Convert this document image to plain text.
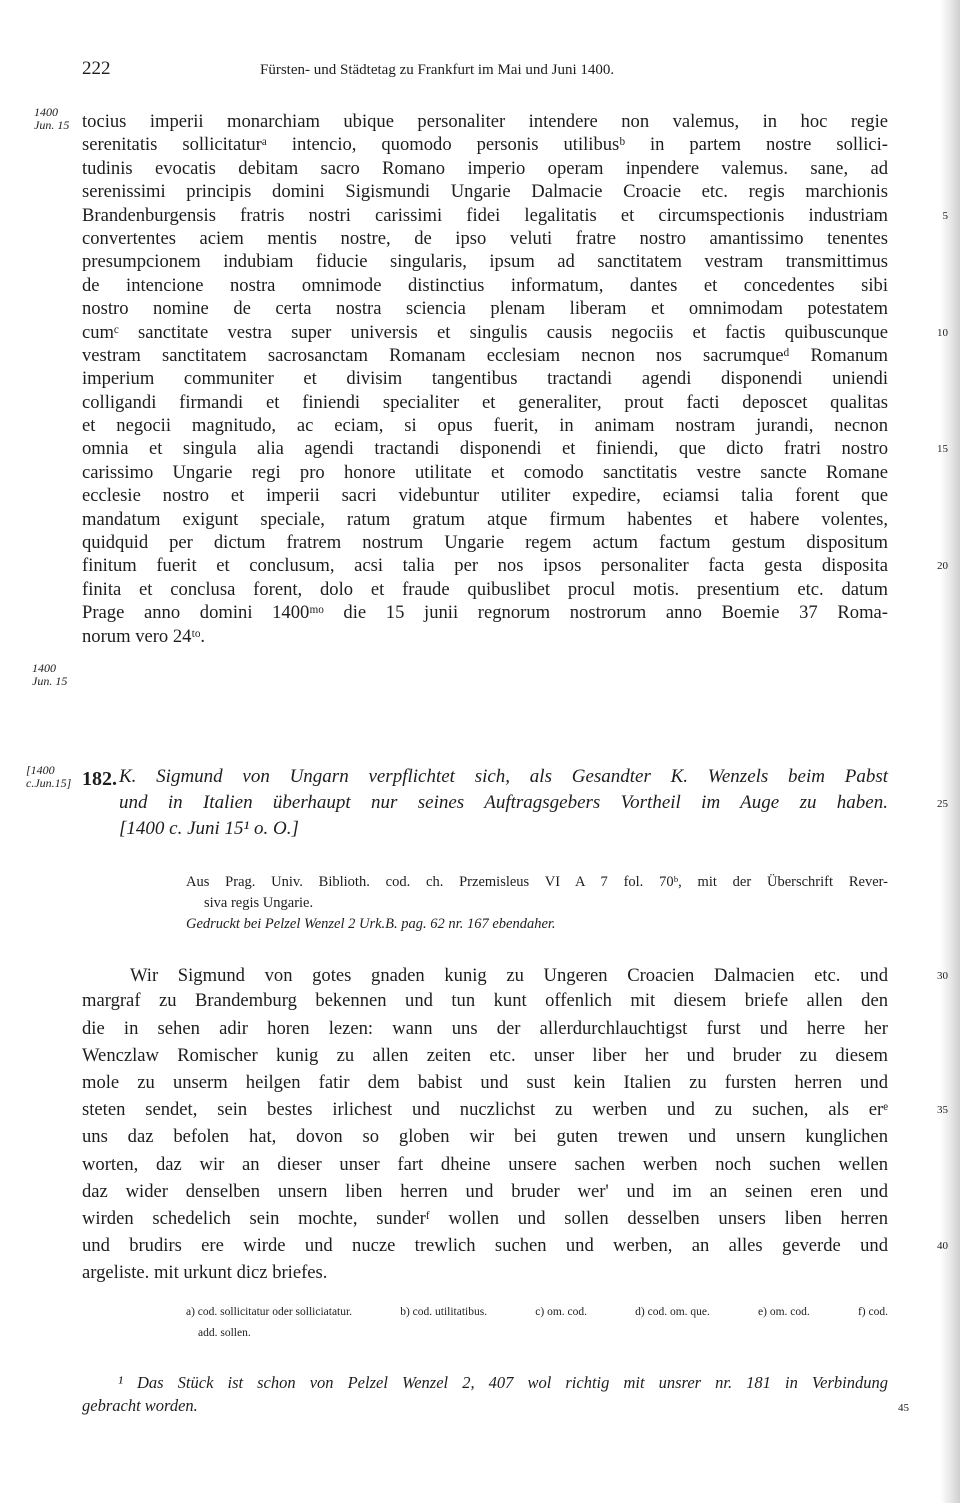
222	Fürsten- und Städtetag zu Frankfurt im Mai und Juni 1400.
1400
Jun. 15
1400
Jun. 15
[1400
c.Jun.15]
tocius imperii monarchiam ubique personaliter intendere non valemus, in hoc regie
serenitatis sollicitaturᵃ intencio, quomodo personis utilibusᵇ in partem nostre sollici-
tudinis evocatis debitam sacro Romano imperio operam inpendere valemus. sane, ad
serenissimi principis domini Sigismundi Ungarie Dalmacie Croacie etc. regis marchionis
Brandenburgensis fratris nostri carissimi fidei legalitatis et circumspectionis industriam	5
convertentes aciem mentis nostre, de ipso veluti fratre nostro amantissimo tenentes
presumpcionem indubiam fiducie singularis, ipsum ad sanctitatem vestram transmittimus
de intencione nostra omnimode distinctius informatum, dantes et concedentes sibi
nostro nomine de certa nostra sciencia plenam liberam et omnimodam potestatem
cumᶜ sanctitate vestra super universis et singulis causis negociis et factis quibuscunque	10
vestram sanctitatem sacrosanctam Romanam ecclesiam necnon nos sacrumqueᵈ Romanum
imperium communiter et divisim tangentibus tractandi agendi disponendi uniendi
colligandi firmandi et finiendi specialiter et generaliter, prout facti deposcet qualitas
et negocii magnitudo, ac eciam, si opus fuerit, in animam nostram jurandi, necnon
omnia et singula alia agendi tractandi disponendi et finiendi, que dicto fratri nostro	15
carissimo Ungarie regi pro honore utilitate et comodo sanctitatis vestre sancte Romane
ecclesie nostro et imperii sacri videbuntur utiliter expedire, eciamsi talia forent que
mandatum exigunt speciale, ratum gratum atque firmum habentes et habere volentes,
quidquid per dictum fratrem nostrum Ungarie regem actum factum gestum dispositum
finitum fuerit et conclusum, acsi talia per nos ipsos personaliter facta gesta disposita	20
finita et conclusa forent, dolo et fraude quibuslibet procul motis. presentium etc. datum
Prage anno domini 1400ᵐᵒ die 15 junii regnorum nostrorum anno Boemie 37 Roma-
norum vero 24ᵗᵒ.
182. K. Sigmund von Ungarn verpflichtet sich, als Gesandter K. Wenzels beim Pabst
und in Italien überhaupt nur seines Auftragsgebers Vortheil im Auge zu haben.	25
[1400 c. Juni 15¹ o. O.]
Aus Prag. Univ. Biblioth. cod. ch. Przemisleus VI A 7 fol. 70ᵇ, mit der Überschrift Rever-
siva regis Ungarie.
Gedruckt bei Pelzel Wenzel 2 Urk.B. pag. 62 nr. 167 ebendaher.
Wir Sigmund von gotes gnaden kunig zu Ungeren Croacien Dalmacien etc. und	30
margraf zu Brandemburg bekennen und tun kunt offenlich mit diesem briefe allen den
die in sehen adir horen lezen: wann uns der allerdurchlauchtigst furst und herre her
Wenczlaw Romischer kunig zu allen zeiten etc. unser liber her und bruder zu diesem
mole zu unserm heilgen fatir dem babist und sust kein Italien zu fursten herren und
steten sendet, sein bestes irlichest und nuczlichst zu werben und zu suchen, als erᵉ	35
uns daz befolen hat, dovon so globen wir bei guten trewen und unsern kunglichen
worten, daz wir an dieser unser fart dheine unsere sachen werben noch suchen wellen
daz wider denselben unsern liben herren und bruder wer' und im an seinen eren und
wirden schedelich sein mochte, sunderᶠ wollen und sollen desselben unsers liben herren
und brudirs ere wirde und nucze trewlich suchen und werben, an alles geverde und	40
argeliste. mit urkunt dicz briefes.
a) cod. sollicitatur oder solliciatatur.	b) cod. utilitatibus.	c) om. cod.	d) cod. om. que.	e) om. cod.	f) cod.
add. sollen.
¹ Das Stück ist schon von Pelzel Wenzel 2, 407 wol richtig mit unsrer nr. 181 in Verbindung
gebracht worden.	45
